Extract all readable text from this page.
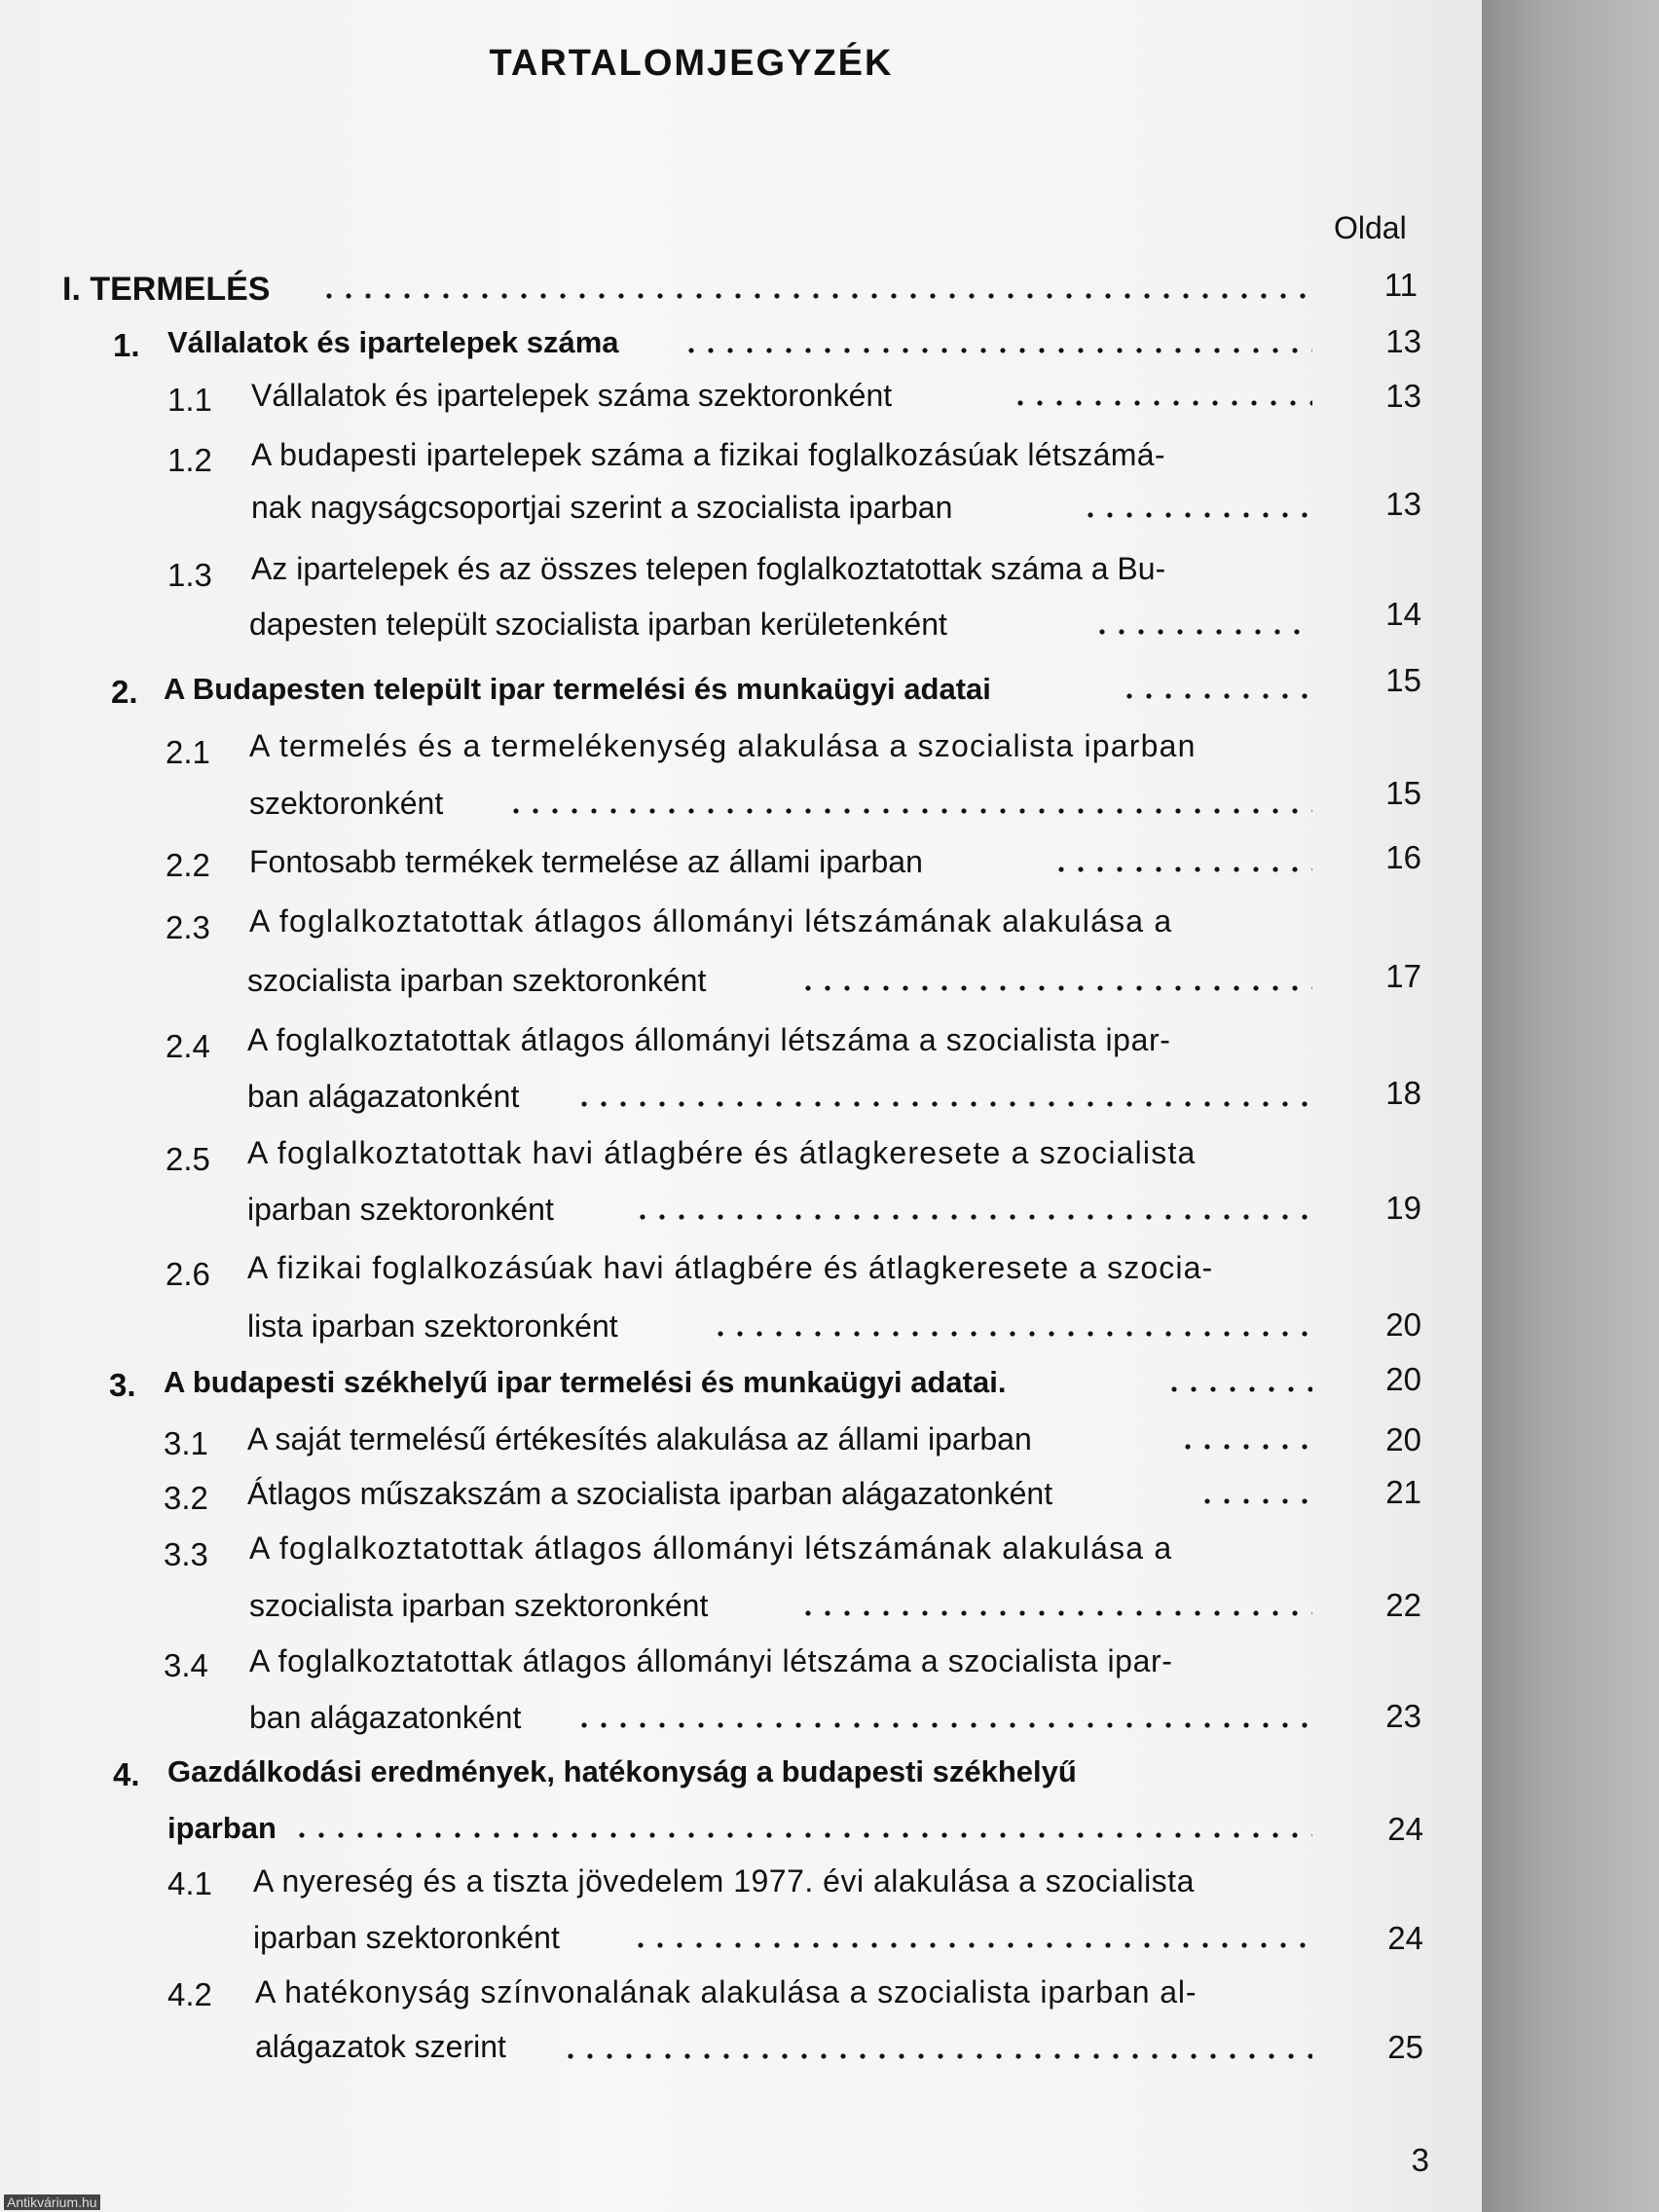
TARTALOMJEGYZÉK
Oldal
I. TERMELÉS	11
1. Vállalatok és ipartelepek száma	13
1.1 Vállalatok és ipartelepek száma szektoronként	13
1.2 A budapesti ipartelepek száma a fizikai foglalkozásúak létszámá-
nak nagyságcsoportjai szerint a szocialista iparban	13
1.3 Az ipartelepek és az összes telepen foglalkoztatottak száma a Bu-
dapesten települt szocialista iparban kerületenként	14
2. A Budapesten települt ipar termelési és munkaügyi adatai	15
2.1 A termelés és a termelékenység alakulása a szocialista iparban
szektoronként	15
2.2 Fontosabb termékek termelése az állami iparban	16
2.3 A foglalkoztatottak átlagos állományi létszámának alakulása a
szocialista iparban szektoronként	17
2.4 A foglalkoztatottak átlagos állományi létszáma a szocialista ipar-
ban alágazatonként	18
2.5 A foglalkoztatottak havi átlagbére és átlagkeresete a szocialista
iparban szektoronként	19
2.6 A fizikai foglalkozásúak havi átlagbére és átlagkeresete a szocia-
lista iparban szektoronként	20
3. A budapesti székhelyű ipar termelési és munkaügyi adatai.	20
3.1 A saját termelésű értékesítés alakulása az állami iparban	20
3.2 Átlagos műszakszám a szocialista iparban alágazatonként	21
3.3 A foglalkoztatottak átlagos állományi létszámának alakulása a
szocialista iparban szektoronként	22
3.4 A foglalkoztatottak átlagos állományi létszáma a szocialista ipar-
ban alágazatonként	23
4. Gazdálkodási eredmények, hatékonyság a budapesti székhelyű
iparban	24
4.1 A nyereség és a tiszta jövedelem 1977. évi alakulása a szocialista
iparban szektoronként	24
4.2 A hatékonyság színvonalának alakulása a szocialista iparban al-
alágazatok szerint	25
3
Antikvárium.hu
